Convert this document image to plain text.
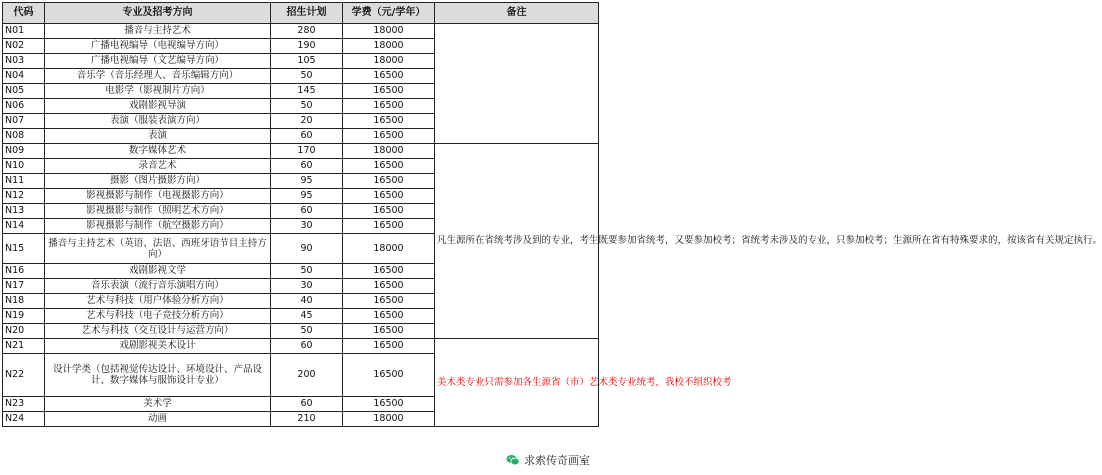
代码	专业及招考方向	招生计划	学费（元/学年）	备注
N01	播音与主持艺术	280	18000	
N02	广播电视编导（电视编导方向）	190	18000	
N03	广播电视编导（文艺编导方向）	105	18000	
N04	音乐学（音乐经理人、音乐编辑方向）	50	16500	
N05	电影学（影视制片方向）	145	16500	
N06	戏剧影视导演	50	16500	
N07	表演（服装表演方向）	20	16500	
N08	表演	60	16500	
N09	数字媒体艺术	170	18000	凡生源所在省统考涉及到的专业，考生既要参加省统考，又要参加校考；省统考未涉及的专业，只参加校考；生源所在省有特殊要求的，按该省有关规定执行。
N10	录音艺术	60	16500	
N11	摄影（图片摄影方向）	95	16500	
N12	影视摄影与制作（电视摄影方向）	95	16500	
N13	影视摄影与制作（照明艺术方向）	60	16500	
N14	影视摄影与制作（航空摄影方向）	30	16500	
N15	播音与主持艺术（英语、法语、西班牙语节目主持方向）	90	18000	
N16	戏剧影视文学	50	16500	
N17	音乐表演（流行音乐演唱方向）	30	16500	
N18	艺术与科技（用户体验分析方向）	40	16500	
N19	艺术与科技（电子竞技分析方向）	45	16500	
N20	艺术与科技（交互设计与运营方向）	50	16500	
N21	戏剧影视美术设计	60	16500	美术类专业只需参加各生源省（市）艺术类专业统考，我校不组织校考
N22	设计学类（包括视觉传达设计、环境设计、产品设计、数字媒体与服饰设计专业）	200	16500	
N23	美术学	60	16500	
N24	动画	210	18000	
求索传奇画室
